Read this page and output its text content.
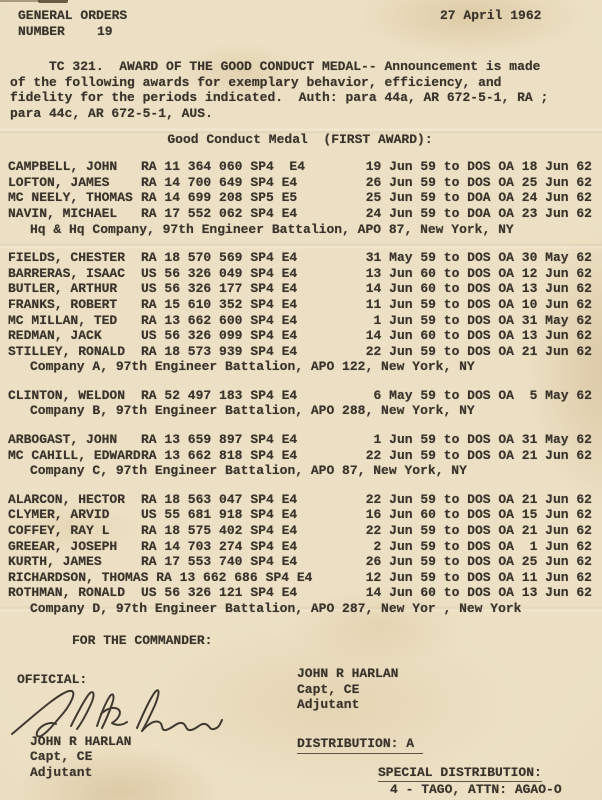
GENERAL ORDERS
NUMBER 19
27 April 1962
TC 321.  AWARD OF THE GOOD CONDUCT MEDAL-- Announcement is made
of the following awards for exemplary behavior, efficiency, and
fidelity for the periods indicated.  Auth: para 44a, AR 672-5-1, RA ;
para 44c, AR 672-5-1, AUS.
Good Conduct Medal  (FIRST AWARD):
CAMPBELL, JOHN	RA 11 364 060 SP4  E4	19 Jun 59 to DOS OA 18 Jun 62
LOFTON, JAMES	RA 14 700 649 SP4 E4	26 Jun 59 to DOS OA 25 Jun 62
MC NEELY, THOMAS RA 14 699 208 SP5 E5	25 Jun 59 to DOA OA 24 Jun 62
NAVIN, MICHAEL	RA 17 552 062 SP4 E4	24 Jun 59 to DOA OA 23 Jun 62
Hq & Hq Company, 97th Engineer Battalion, APO 87, New York, NY
FIELDS, CHESTER	RA 18 570 569 SP4 E4	31 May 59 to DOS OA 30 May 62
BARRERAS, ISAAC	US 56 326 049 SP4 E4	13 Jun 60 to DOS OA 12 Jun 62
BUTLER, ARTHUR	US 56 326 177 SP4 E4	14 Jun 60 to DOS OA 13 Jun 62
FRANKS, ROBERT	RA 15 610 352 SP4 E4	11 Jun 59 to DOS OA 10 Jun 62
MC MILLAN, TED	RA 13 662 600 SP4 E4	1 Jun 59 to DOS OA 31 May 62
REDMAN, JACK	US 56 326 099 SP4 E4	14 Jun 60 to DOS OA 13 Jun 62
STILLEY, RONALD	RA 18 573 939 SP4 E4	22 Jun 59 to DOS OA 21 Jun 62
Company A, 97th Engineer Battalion, APO 122, New York, NY
CLINTON, WELDON	RA 52 497 183 SP4 E4	6 May 59 to DOS OA  5 May 62
Company B, 97th Engineer Battalion, APO 288, New York, NY
ARBOGAST, JOHN	RA 13 659 897 SP4 E4	1 Jun 59 to DOS OA 31 May 62
MC CAHILL, EDWARD RA 13 662 818 SP4 E4	22 Jun 59 to DOS OA 21 Jun 62
Company C, 97th Engineer Battalion, APO 87, New York, NY
ALARCON, HECTOR	RA 18 563 047 SP4 E4	22 Jun 59 to DOS OA 21 Jun 62
CLYMER, ARVID	US 55 681 918 SP4 E4	16 Jun 60 to DOS OA 15 Jun 62
COFFEY, RAY L	RA 18 575 402 SP4 E4	22 Jun 59 to DOS OA 21 Jun 62
GREEAR, JOSEPH	RA 14 703 274 SP4 E4	2 Jun 59 to DOS OA  1 Jun 62
KURTH, JAMES	RA 17 553 740 SP4 E4	26 Jun 59 to DOS OA 25 Jun 62
RICHARDSON, THOMAS RA 13 662 686 SP4 E4	12 Jun 59 to DOS OA 11 Jun 62
ROTHMAN, RONALD	US 56 326 121 SP4 E4	14 Jun 60 to DOS OA 13 Jun 62
Company D, 97th Engineer Battalion, APO 287, New Yor , New York
FOR THE COMMANDER:
OFFICIAL:
JOHN R HARLAN
Capt, CE
Adjutant
JOHN R HARLAN
Capt, CE
Adjutant
DISTRIBUTION: A
SPECIAL DISTRIBUTION:
4 - TAGO, ATTN: AGAO-O
